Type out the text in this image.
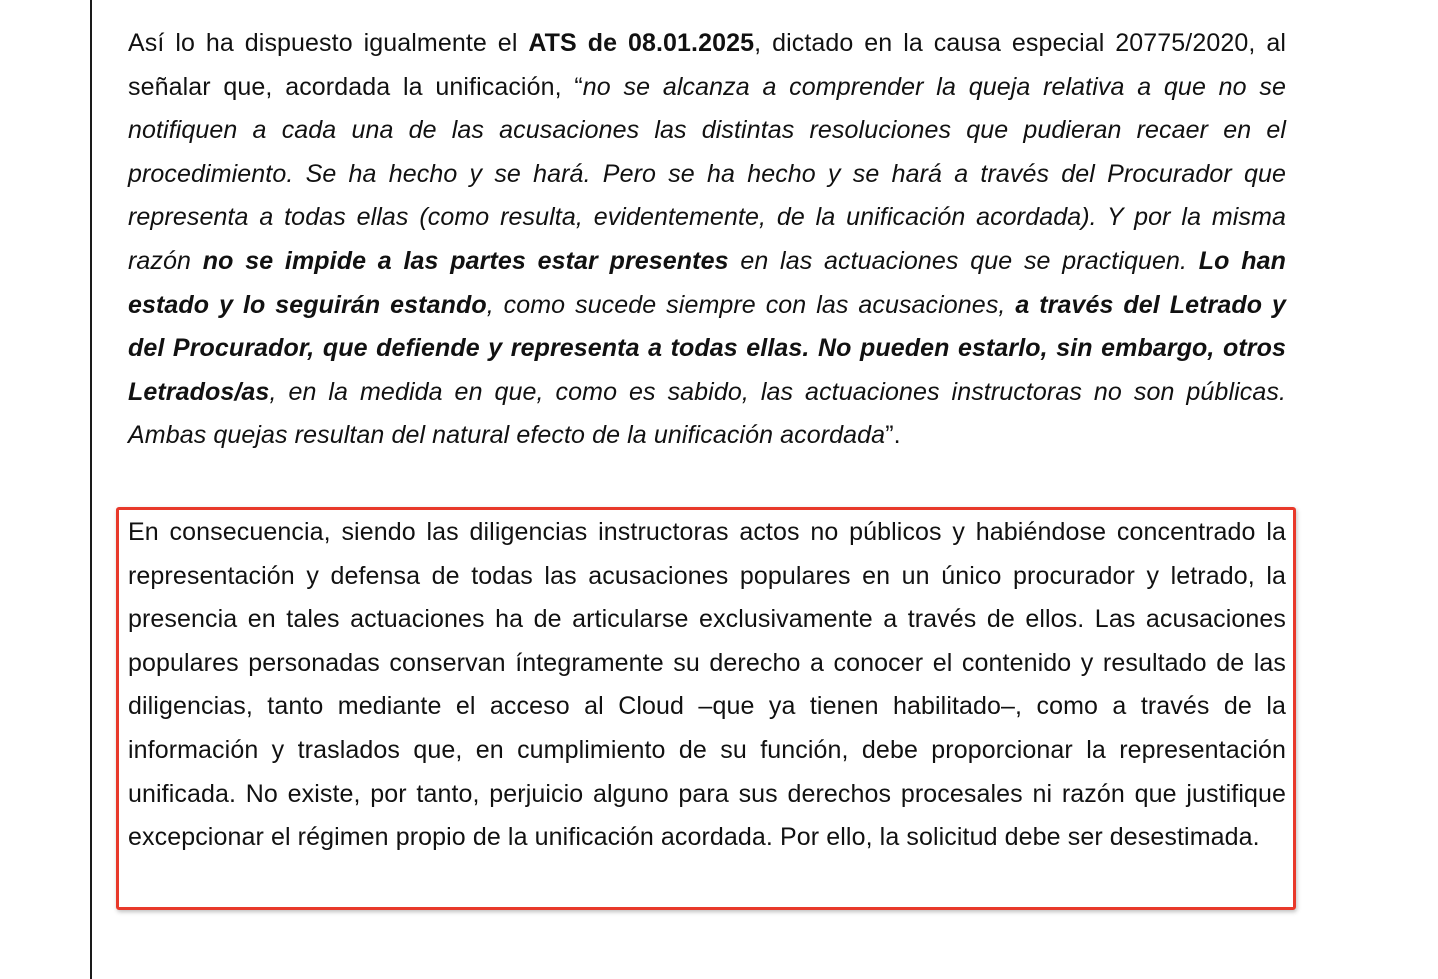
Así lo ha dispuesto igualmente el ATS de 08.01.2025, dictado en la causa especial 20775/2020, al señalar que, acordada la unificación, “no se alcanza a comprender la queja relativa a que no se notifiquen a cada una de las acusaciones las distintas resoluciones que pudieran recaer en el procedimiento. Se ha hecho y se hará. Pero se ha hecho y se hará a través del Procurador que representa a todas ellas (como resulta, evidentemente, de la unificación acordada). Y por la misma razón no se impide a las partes estar presentes en las actuaciones que se practiquen. Lo han estado y lo seguirán estando, como sucede siempre con las acusaciones, a través del Letrado y del Procurador, que defiende y representa a todas ellas. No pueden estarlo, sin embargo, otros Letrados/as, en la medida en que, como es sabido, las actuaciones instructoras no son públicas. Ambas quejas resultan del natural efecto de la unificación acordada”.

En consecuencia, siendo las diligencias instructoras actos no públicos y habiéndose concentrado la representación y defensa de todas las acusaciones populares en un único procurador y letrado, la presencia en tales actuaciones ha de articularse exclusivamente a través de ellos. Las acusaciones populares personadas conservan íntegramente su derecho a conocer el contenido y resultado de las diligencias, tanto mediante el acceso al Cloud –que ya tienen habilitado–, como a través de la información y traslados que, en cumplimiento de su función, debe proporcionar la representación unificada. No existe, por tanto, perjuicio alguno para sus derechos procesales ni razón que justifique excepcionar el régimen propio de la unificación acordada. Por ello, la solicitud debe ser desestimada.
